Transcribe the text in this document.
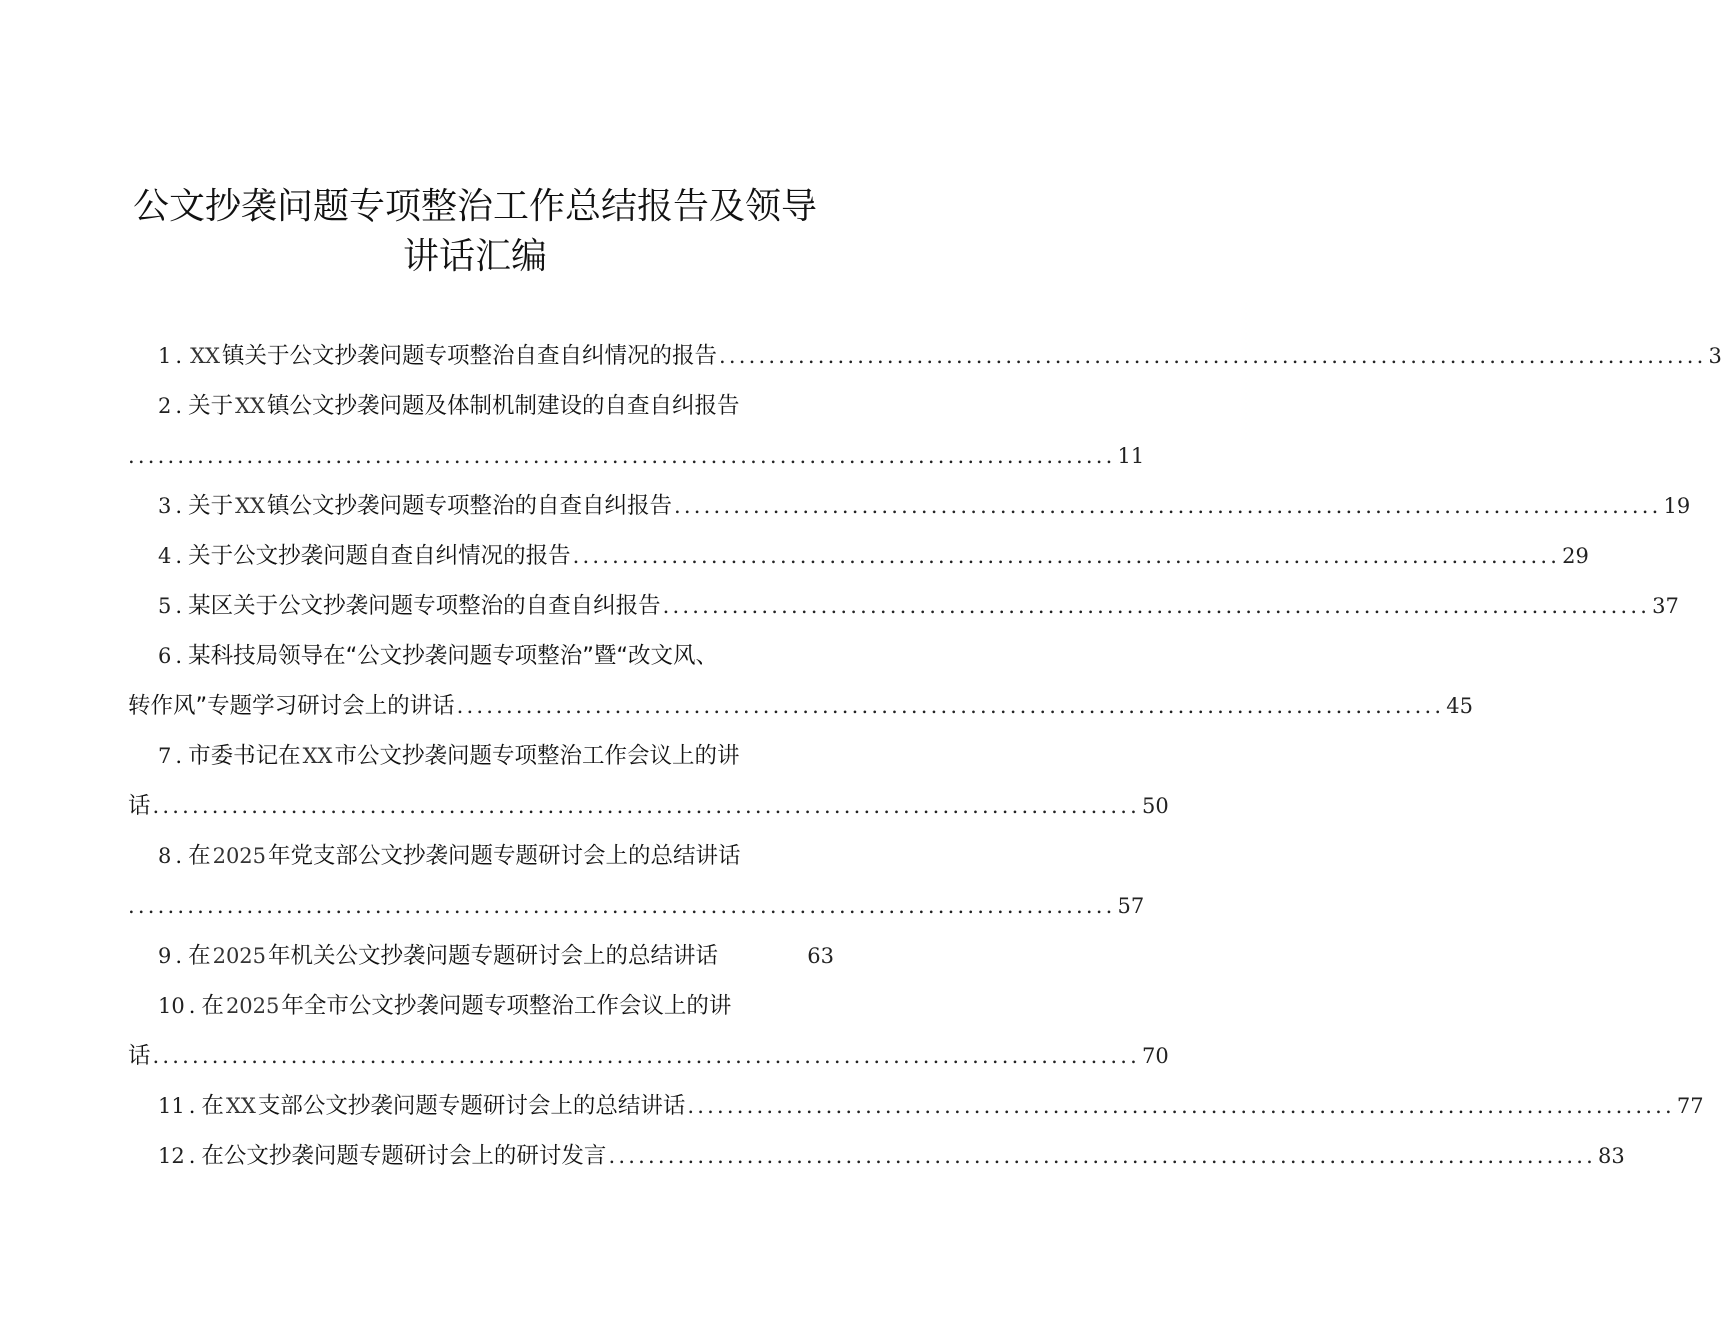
公文抄袭问题专项整治工作总结报告及领导
讲话汇编
1 . XX镇关于公文抄袭问题专项整治自查自纠情况的报告 .................................................................................................... 3
2 . 关于XX镇公文抄袭问题及体制机制建设的自查自纠报告
.................................................................................................... 11
3 . 关于XX镇公文抄袭问题专项整治的自查自纠报告 .................................................................................................... 19
4 . 关于公文抄袭问题自查自纠情况的报告 .................................................................................................... 29
5 . 某区关于公文抄袭问题专项整治的自查自纠报告 .................................................................................................... 37
6 . 某科技局领导在“公文抄袭问题专项整治”暨“改文风、
转作风”专题学习研讨会上的讲话 .................................................................................................... 45
7 . 市委书记在XX市公文抄袭问题专项整治工作会议上的讲
话 .................................................................................................... 50
8 . 在2025年党支部公文抄袭问题专题研讨会上的总结讲话
.................................................................................................... 57
9 . 在2025年机关公文抄袭问题专题研讨会上的总结讲话	63
10 . 在2025年全市公文抄袭问题专项整治工作会议上的讲
话 .................................................................................................... 70
11 . 在XX支部公文抄袭问题专题研讨会上的总结讲话 .................................................................................................... 77
12 . 在公文抄袭问题专题研讨会上的研讨发言 .................................................................................................... 83
